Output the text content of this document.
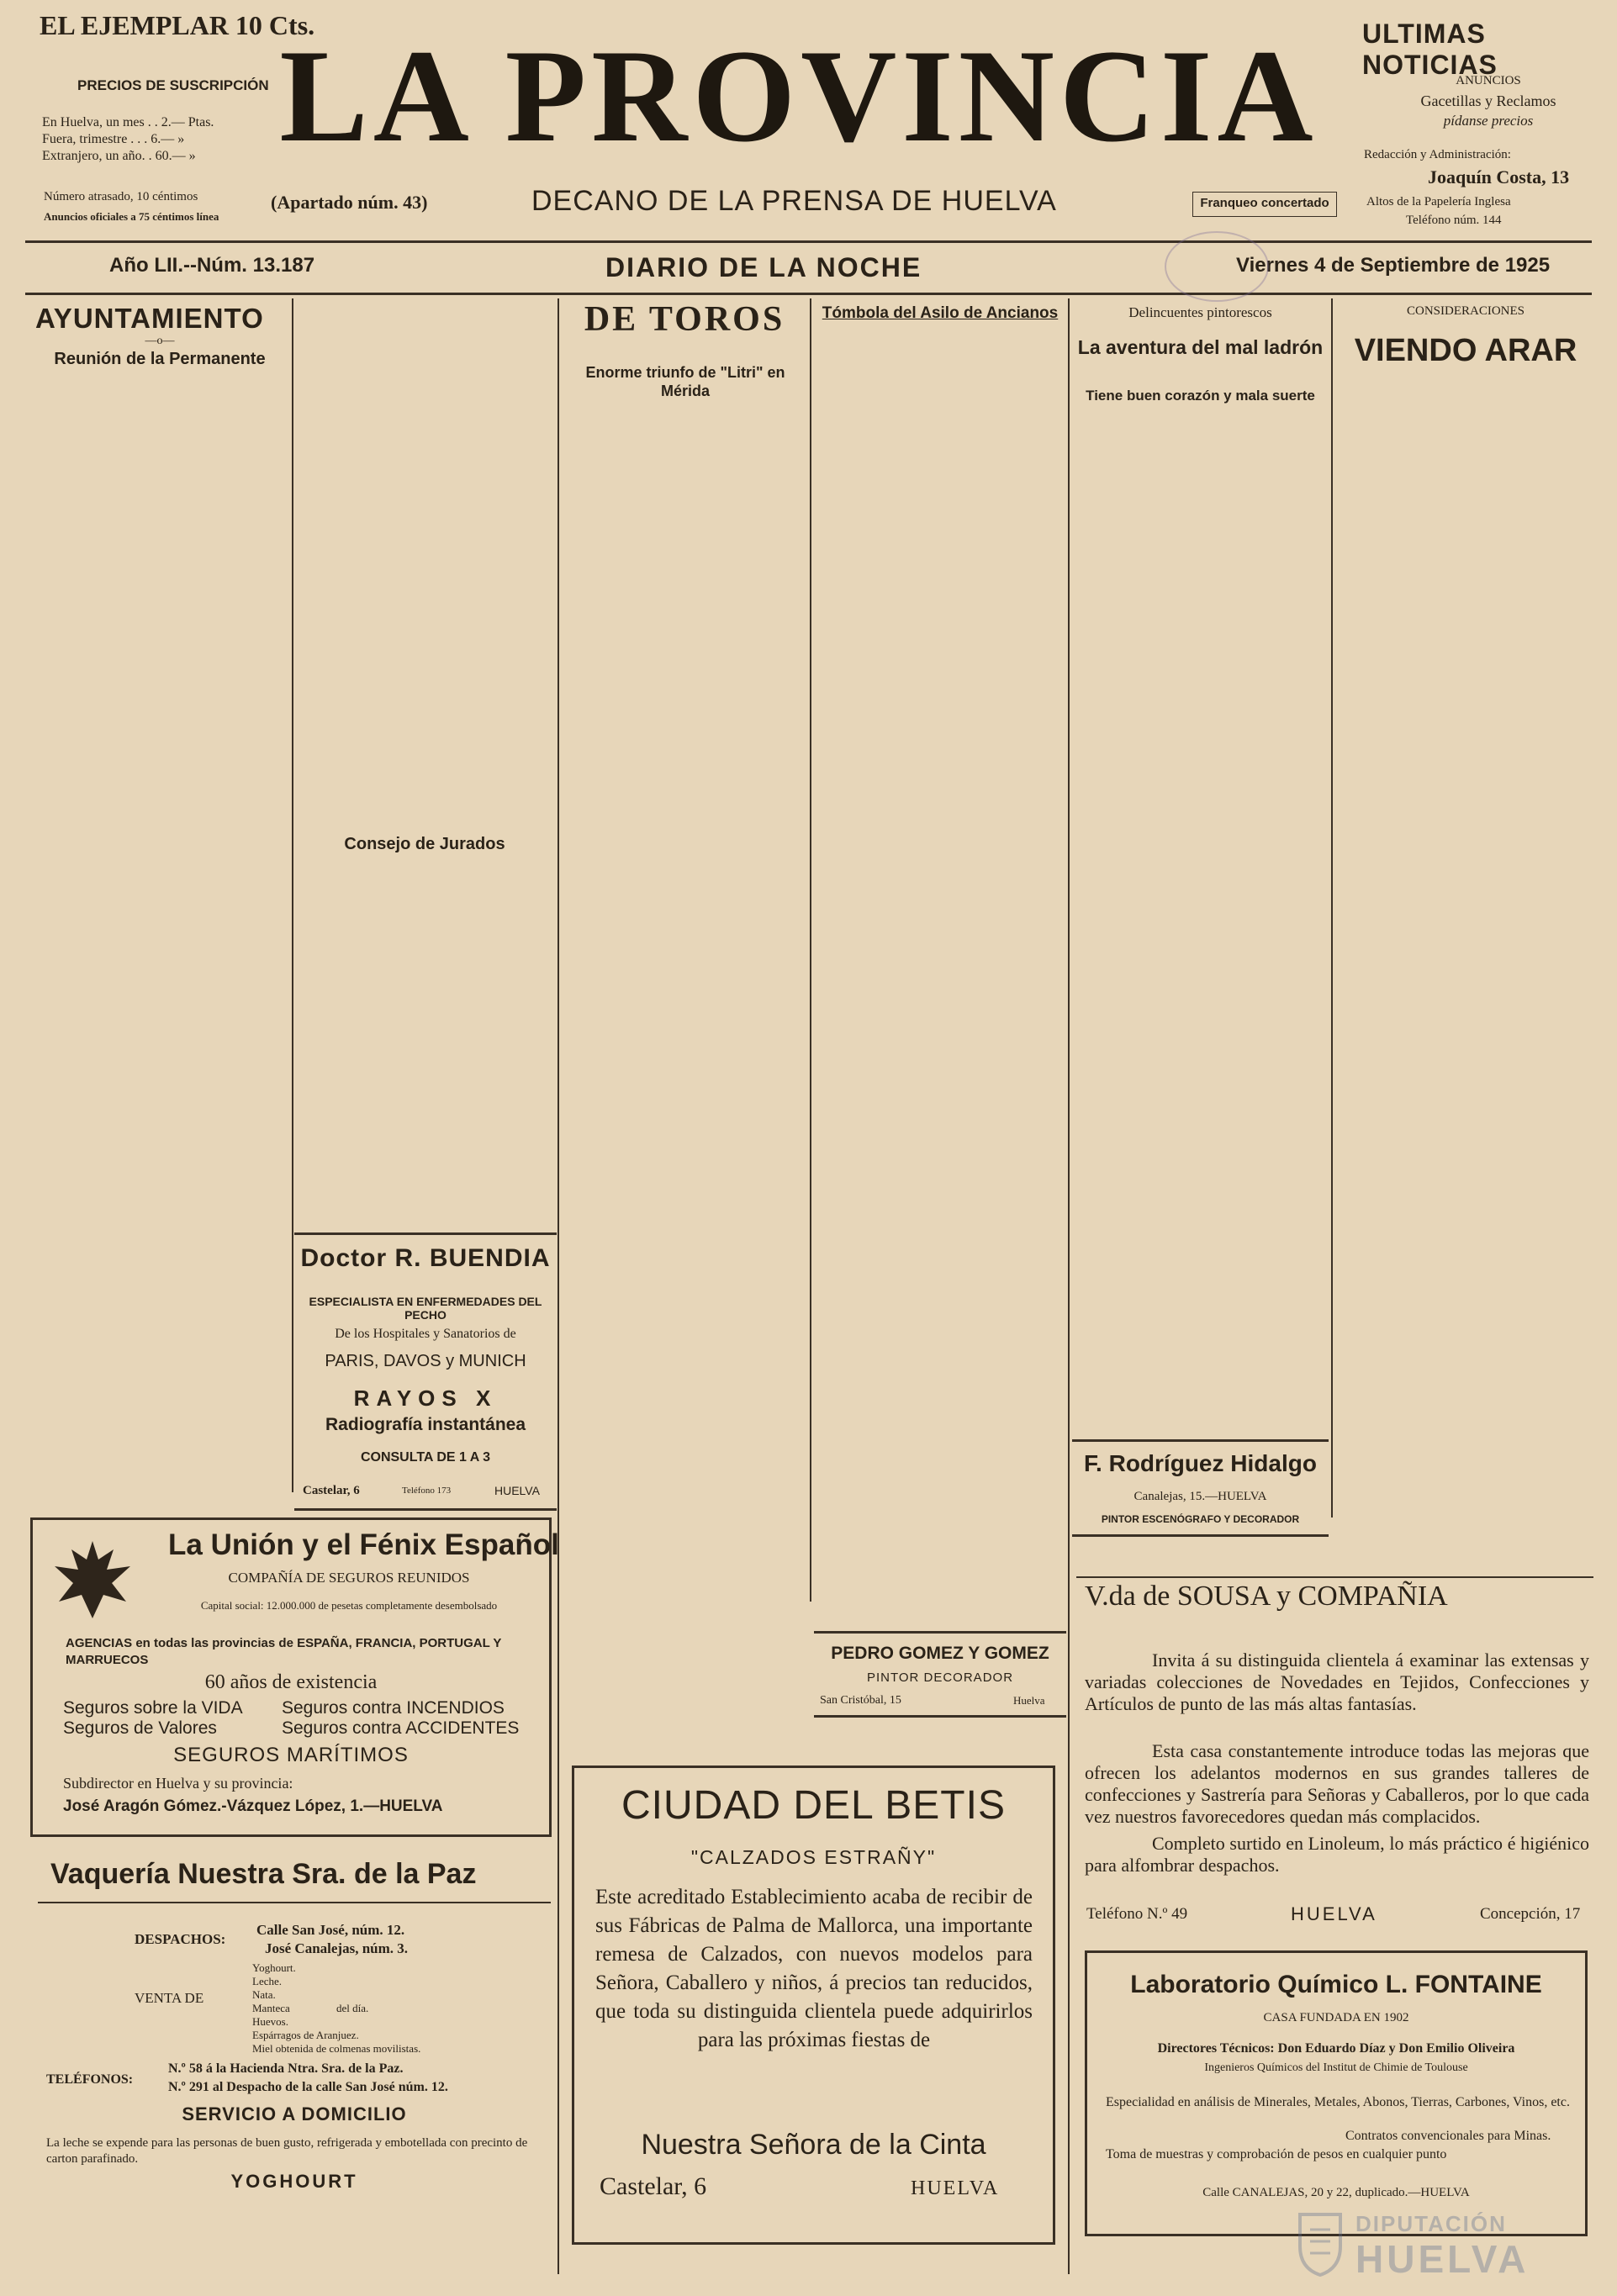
EL EJEMPLAR 10 Cts.
PRECIOS DE SUSCRIPCIÓN
En Huelva, un mes . . 2.— Ptas.
Fuera, trimestre . . . 6.— »
Extranjero, un año. . 60.— »
Número atrasado, 10 céntimos
Anuncios oficiales a 75 céntimos línea
LA PROVINCIA
(Apartado núm. 43)	DECANO DE LA PRENSA DE HUELVA	Franqueo concertado
ULTIMAS NOTICIAS
ANUNCIOS
Gacetillas y Reclamos
pídanse precios
Redacción y Administración:
Joaquín Costa, 13
Altos de la Papelería Inglesa
Teléfono núm. 144
Año LII.--Núm. 13.187	DIARIO DE LA NOCHE	Viernes 4 de Septiembre de 1925
AYUNTAMIENTO
—o—
Reunión de la Permanente
Consejo de Jurados
Doctor R. BUENDIA
ESPECIALISTA EN ENFERMEDADES DEL PECHO
De los Hospitales y Sanatorios de
PARIS, DAVOS y MUNICH
RAYOS X
Radiografía instantánea
CONSULTA DE 1 A 3
Castelar, 6	Teléfono 173	HUELVA
DE TOROS
Enorme triunfo de "Litri" en Mérida
Tómbola del Asilo de Ancianos
PEDRO GOMEZ Y GOMEZ
PINTOR DECORADOR
San Cristóbal, 15	Huelva
Delincuentes pintorescos
La aventura del mal ladrón
Tiene buen corazón y mala suerte
F. Rodríguez Hidalgo
Canalejas, 15.—HUELVA
PINTOR ESCENÓGRAFO Y DECORADOR
CONSIDERACIONES
VIENDO ARAR
La Unión y el Fénix Español
COMPAÑÍA DE SEGUROS REUNIDOS
Capital social: 12.000.000 de pesetas completamente desembolsado
AGENCIAS en todas las provincias de ESPAÑA, FRANCIA, PORTUGAL Y MARRUECOS
60 años de existencia
Seguros sobre la VIDA Seguros contra INCENDIOS
Seguros de Valores	Seguros contra ACCIDENTES
SEGUROS MARÍTIMOS
Subdirector en Huelva y su provincia:
José Aragón Gómez.-Vázquez López, 1.—HUELVA
Vaquería Nuestra Sra. de la Paz
DESPACHOS:
Calle San José, núm. 12.
José Canalejas, núm. 3.
VENTA DE
Yoghourt.
Leche.
Nata.
Manteca
Huevos.
Espárragos de Aranjuez.
Miel obtenida de colmenas movilistas.
del día.
TELÉFONOS:
N.º 58 á la Hacienda Ntra. Sra. de la Paz.
N.º 291 al Despacho de la calle San José núm. 12.
SERVICIO A DOMICILIO
La leche se expende para las personas de buen gusto, refrigerada y embotellada con precinto de carton parafinado.
YOGHOURT
CIUDAD DEL BETIS
"CALZADOS ESTRAÑY"
Este acreditado Establecimiento acaba de recibir de sus Fábricas de Palma de Mallorca, una importante remesa de Calzados, con nuevos modelos para Señora, Caballero y niños, á precios tan reducidos, que toda su distinguida clientela puede adquirirlos para las próximas fiestas de
Nuestra Señora de la Cinta
Castelar, 6	HUELVA
V.da de SOUSA y COMPAÑIA
Invita á su distinguida clientela á examinar las extensas y variadas colecciones de Novedades en Tejidos, Confecciones y Artículos de punto de las más altas fantasías.
Esta casa constantemente introduce todas las mejoras que ofrecen los adelantos modernos en sus grandes talleres de confecciones y Sastrería para Señoras y Caballeros, por lo que cada vez nuestros favorecedores quedan más complacidos.
Completo surtido en Linoleum, lo más práctico é higiénico para alfombrar despachos.
Teléfono N.º 49	HUELVA	Concepción, 17
Laboratorio Químico L. FONTAINE
CASA FUNDADA EN 1902
Directores Técnicos: Don Eduardo Díaz y Don Emilio Oliveira
Ingenieros Químicos del Institut de Chimie de Toulouse
Especialidad en análisis de Minerales, Metales, Abonos, Tierras, Carbones, Vinos, etc.
Contratos convencionales para Minas.
Toma de muestras y comprobación de pesos en cualquier punto
Calle CANALEJAS, 20 y 22, duplicado.—HUELVA
DIPUTACIÓN
HUELVA
